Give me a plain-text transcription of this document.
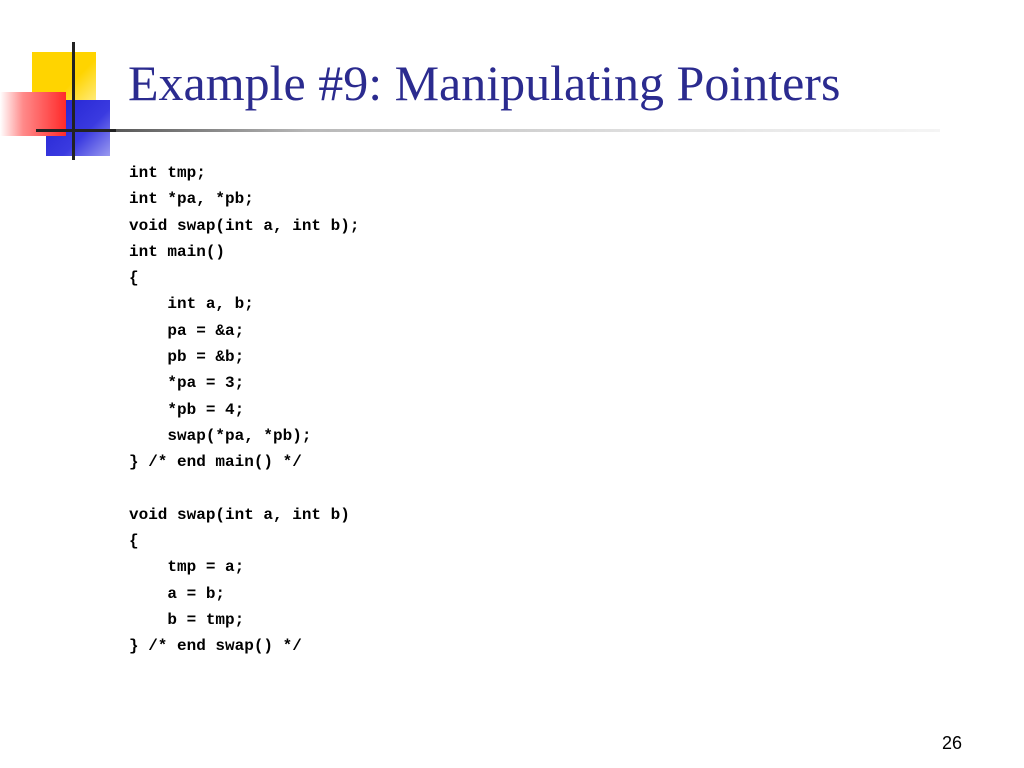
Example #9: Manipulating Pointers
int tmp;
int *pa, *pb;
void swap(int a, int b);
int main()
{
int a, b;
pa = &a;
pb = &b;
*pa = 3;
*pb = 4;
swap(*pa, *pb);
} /* end main() */
void swap(int a, int b)
{
tmp = a;
a = b;
b = tmp;
} /* end swap() */
26
